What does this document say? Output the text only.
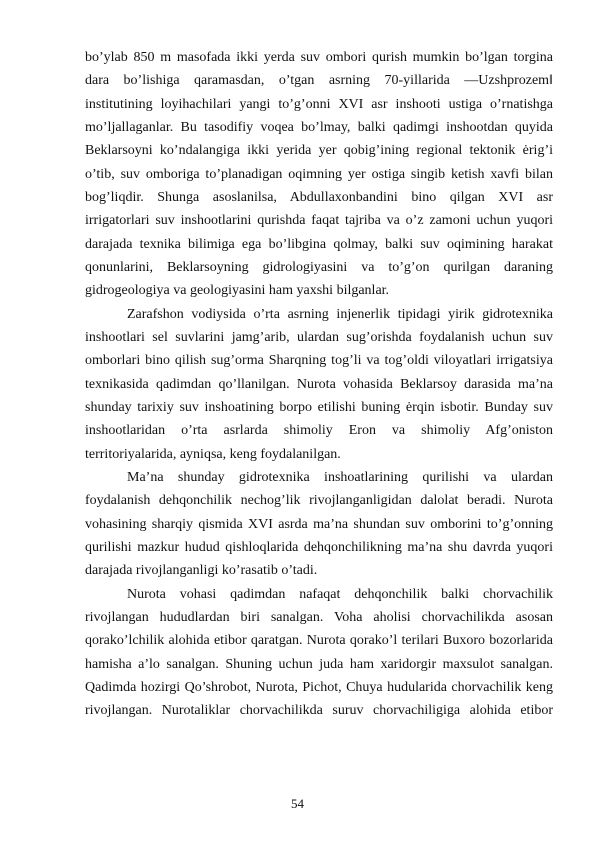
bo’ylab 850 m masofada ikki yerda suv ombori qurish mumkin bo’lgan torgina
dara bo’lishiga qaramasdan, o’tgan asrning 70-yillarida ―Uzshprozem‖
institutining loyihachilari yangi to’g’onni XVI asr inshooti ustiga o’rnatishga
mo’ljallaganlar. Bu tasodifiy voqea bo’lmay, balki qadimgi inshootdan quyida
Beklarsoyni ko’ndalangiga ikki yerida yer qobig’ining regional tektonik ėrig’i
o’tib, suv omboriga to’planadigan oqimning yer ostiga singib ketish xavfi bilan
bog’liqdir. Shunga asoslanilsa, Abdullaxonbandini bino qilgan XVI asr
irrigatorlari suv inshootlarini qurishda faqat tajriba va o’z zamoni uchun yuqori
darajada texnika bilimiga ega bo’libgina qolmay, balki suv oqimining harakat
qonunlarini, Beklarsoyning gidrologiyasini va to’g’on qurilgan daraning
gidrogeologiya va geologiyasini ham yaxshi bilganlar.
Zarafshon vodiysida o’rta asrning injenerlik tipidagi yirik gidrotexnika
inshootlari sel suvlarini jamg’arib, ulardan sug’orishda foydalanish uchun suv
omborlari bino qilish sug’orma Sharqning tog’li va tog’oldi viloyatlari irrigatsiya
texnikasida qadimdan qo’llanilgan. Nurota vohasida Beklarsoy darasida ma’na
shunday tarixiy suv inshoatining borpo etilishi buning ėrqin isbotir. Bunday suv
inshootlaridan o’rta asrlarda shimoliy Eron va shimoliy Afg’oniston
territoriyalarida, ayniqsa, keng foydalanilgan.
Ma’na shunday gidrotexnika inshoatlarining qurilishi va ulardan
foydalanish dehqonchilik nechog’lik rivojlanganligidan dalolat beradi. Nurota
vohasining sharqiy qismida XVI asrda ma’na shundan suv omborini to’g’onning
qurilishi mazkur hudud qishloqlarida dehqonchilikning ma’na shu davrda yuqori
darajada rivojlanganligi ko’rasatib o’tadi.
Nurota vohasi qadimdan nafaqat dehqonchilik balki chorvachilik
rivojlangan hududlardan biri sanalgan. Voha aholisi chorvachilikda asosan
qorako’lchilik alohida etibor qaratgan. Nurota qorako’l terilari Buxoro bozorlarida
hamisha a’lo sanalgan. Shuning uchun juda ham xaridorgir maxsulot sanalgan.
Qadimda hozirgi Qo’shrobot, Nurota, Pichot, Chuya hudularida chorvachilik keng
rivojlangan. Nurotaliklar chorvachilikda suruv chorvachiligiga alohida etibor
54
